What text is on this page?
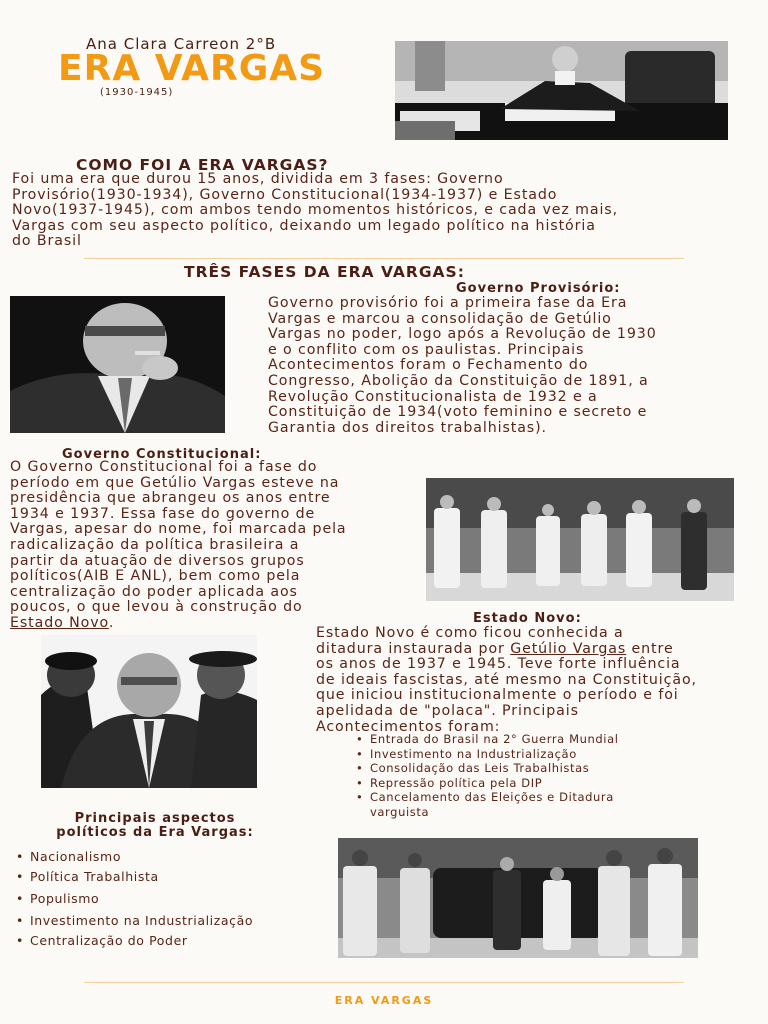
Ana Clara Carreon 2°B
ERA VARGAS
(1930-1945)
COMO FOI A ERA VARGAS?
Foi uma era que durou 15 anos, dividida em 3 fases: Governo
Provisório(1930-1934), Governo Constitucional(1934-1937) e Estado
Novo(1937-1945), com ambos tendo momentos históricos, e cada vez mais,
Vargas com seu aspecto político, deixando um legado político na história
do Brasil
TRÊS FASES DA ERA VARGAS:
Governo Provisório:
Governo provisório foi a primeira fase da Era
Vargas e marcou a consolidação de Getúlio
Vargas no poder, logo após a Revolução de 1930
e o conflito com os paulistas. Principais
Acontecimentos foram o Fechamento do
Congresso, Abolição da Constituição de 1891, a
Revolução Constitucionalista de 1932 e a
Constituição de 1934(voto feminino e secreto e
Garantia dos direitos trabalhistas).
Governo Constitucional:
O Governo Constitucional foi a fase do
período em que Getúlio Vargas esteve na
presidência que abrangeu os anos entre
1934 e 1937. Essa fase do governo de
Vargas, apesar do nome, foi marcada pela
radicalização da política brasileira a
partir da atuação de diversos grupos
políticos(AIB E ANL), bem como pela
centralização do poder aplicada aos
poucos, o que levou à construção do
Estado Novo.	Estado Novo:
Estado Novo é como ficou conhecida a
ditadura instaurada por Getúlio Vargas entre
os anos de 1937 e 1945. Teve forte influência
de ideais fascistas, até mesmo na Constituição,
que iniciou institucionalmente o período e foi
apelidada de "polaca". Principais
Acontecimentos foram:
• Entrada do Brasil na 2° Guerra Mundial
• Investimento na Industrialização
• Consolidação das Leis Trabalhistas
• Repressão política pela DIP
• Cancelamento das Eleições e Ditadura
varguista
Principais aspectos
políticos da Era Vargas:
• Nacionalismo
• Política Trabalhista
• Populismo
• Investimento na Industrialização
• Centralização do Poder
ERA VARGAS
